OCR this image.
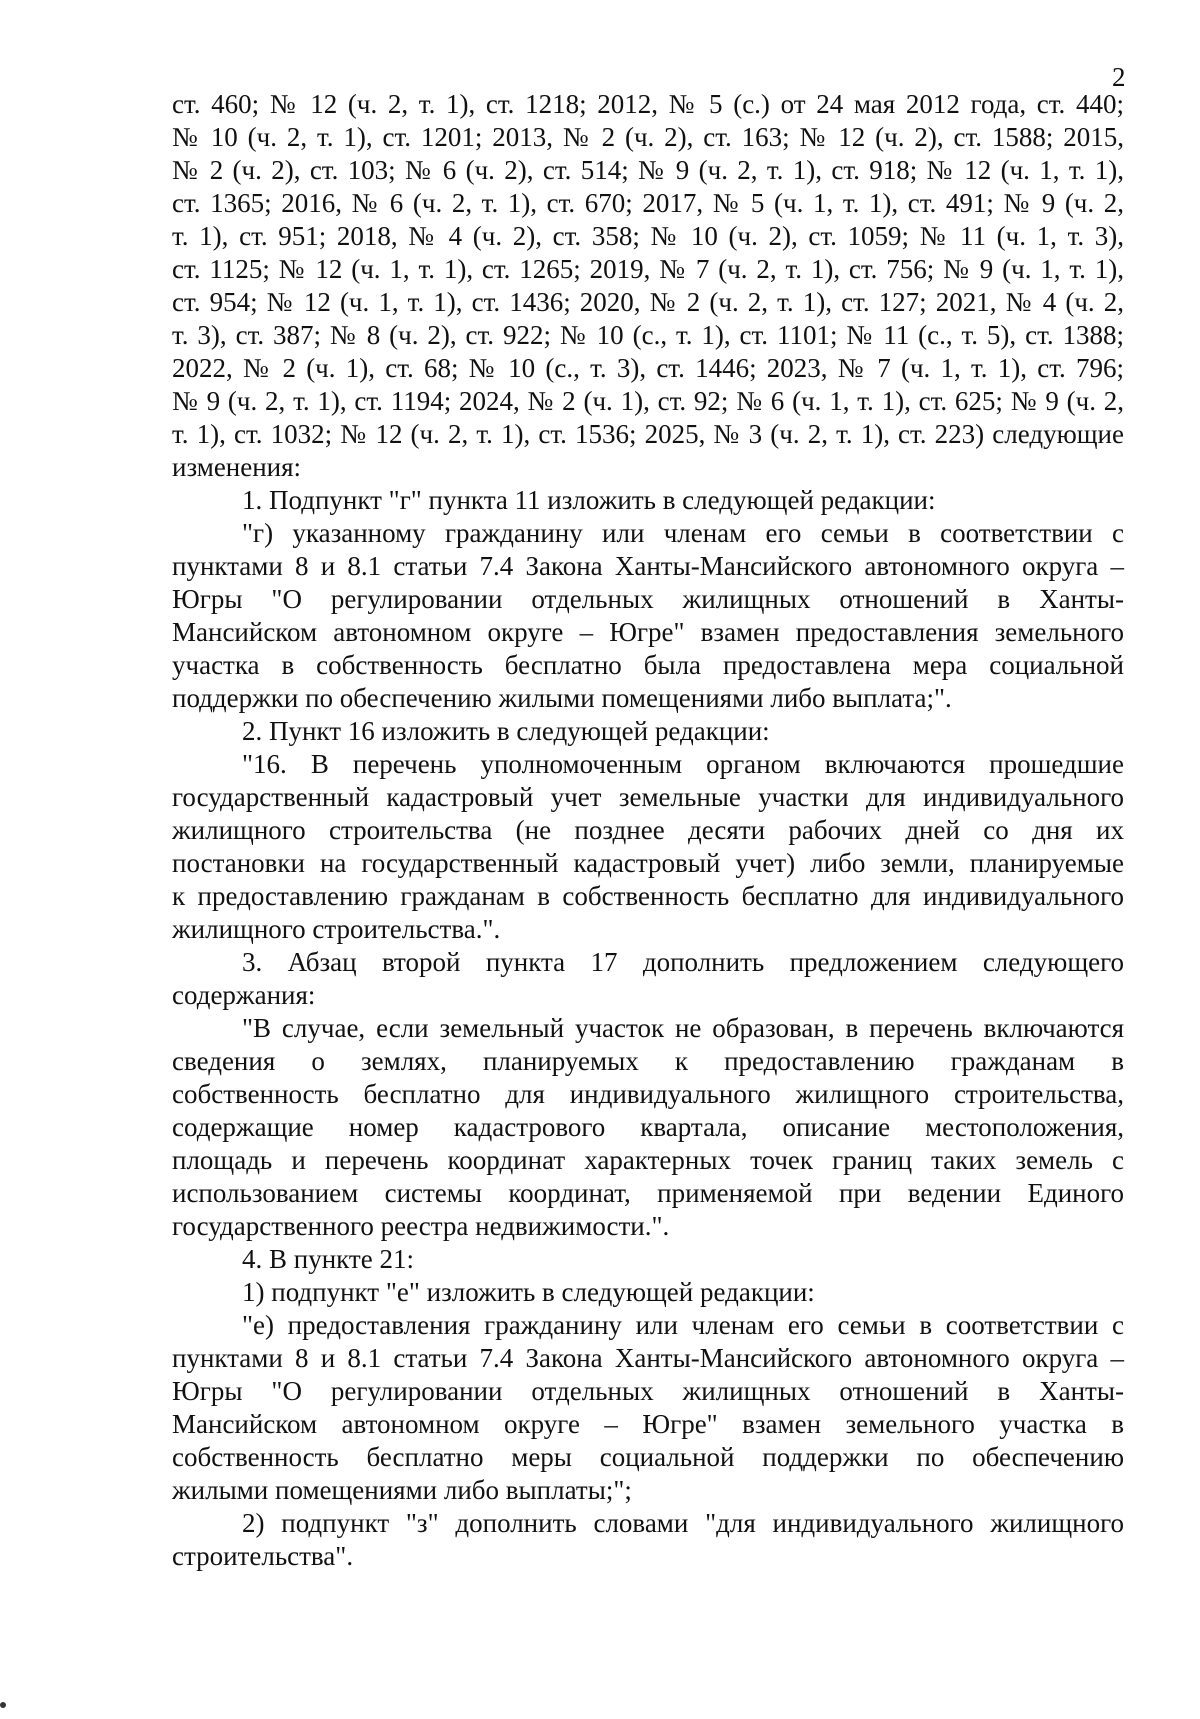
2
ст. 460; № 12 (ч. 2, т. 1), ст. 1218; 2012, № 5 (с.) от 24 мая 2012 года, ст. 440;
№ 10 (ч. 2, т. 1), ст. 1201; 2013, № 2 (ч. 2), ст. 163; № 12 (ч. 2), ст. 1588; 2015,
№ 2 (ч. 2), ст. 103; № 6 (ч. 2), ст. 514; № 9 (ч. 2, т. 1), ст. 918; № 12 (ч. 1, т. 1),
ст. 1365; 2016, № 6 (ч. 2, т. 1), ст. 670; 2017, № 5 (ч. 1, т. 1), ст. 491; № 9 (ч. 2,
т. 1), ст. 951; 2018, № 4 (ч. 2), ст. 358; № 10 (ч. 2), ст. 1059; № 11 (ч. 1, т. 3),
ст. 1125; № 12 (ч. 1, т. 1), ст. 1265; 2019, № 7 (ч. 2, т. 1), ст. 756; № 9 (ч. 1, т. 1),
ст. 954; № 12 (ч. 1, т. 1), ст. 1436; 2020, № 2 (ч. 2, т. 1), ст. 127; 2021, № 4 (ч. 2,
т. 3), ст. 387; № 8 (ч. 2), ст. 922; № 10 (с., т. 1), ст. 1101; № 11 (с., т. 5), ст. 1388;
2022, № 2 (ч. 1), ст. 68; № 10 (с., т. 3), ст. 1446; 2023, № 7 (ч. 1, т. 1), ст. 796;
№ 9 (ч. 2, т. 1), ст. 1194; 2024, № 2 (ч. 1), ст. 92; № 6 (ч. 1, т. 1), ст. 625; № 9 (ч. 2,
т. 1), ст. 1032; № 12 (ч. 2, т. 1), ст. 1536; 2025, № 3 (ч. 2, т. 1), ст. 223) следующие
изменения:
1. Подпункт "г" пункта 11 изложить в следующей редакции:
"г) указанному гражданину или членам его семьи в соответствии с
пунктами 8 и 8.1 статьи 7.4 Закона Ханты-Мансийского автономного округа –
Югры "О регулировании отдельных жилищных отношений в Ханты-
Мансийском автономном округе – Югре" взамен предоставления земельного
участка в собственность бесплатно была предоставлена мера социальной
поддержки по обеспечению жилыми помещениями либо выплата;".
2. Пункт 16 изложить в следующей редакции:
"16. В перечень уполномоченным органом включаются прошедшие
государственный кадастровый учет земельные участки для индивидуального
жилищного строительства (не позднее десяти рабочих дней со дня их
постановки на государственный кадастровый учет) либо земли, планируемые
к предоставлению гражданам в собственность бесплатно для индивидуального
жилищного строительства.".
3. Абзац второй пункта 17 дополнить предложением следующего
содержания:
"В случае, если земельный участок не образован, в перечень включаются
сведения о землях, планируемых к предоставлению гражданам в
собственность бесплатно для индивидуального жилищного строительства,
содержащие номер кадастрового квартала, описание местоположения,
площадь и перечень координат характерных точек границ таких земель с
использованием системы координат, применяемой при ведении Единого
государственного реестра недвижимости.".
4. В пункте 21:
1) подпункт "е" изложить в следующей редакции:
"е) предоставления гражданину или членам его семьи в соответствии с
пунктами 8 и 8.1 статьи 7.4 Закона Ханты-Мансийского автономного округа –
Югры "О регулировании отдельных жилищных отношений в Ханты-
Мансийском автономном округе – Югре" взамен земельного участка в
собственность бесплатно меры социальной поддержки по обеспечению
жилыми помещениями либо выплаты;";
2) подпункт "з" дополнить словами "для индивидуального жилищного
строительства".
